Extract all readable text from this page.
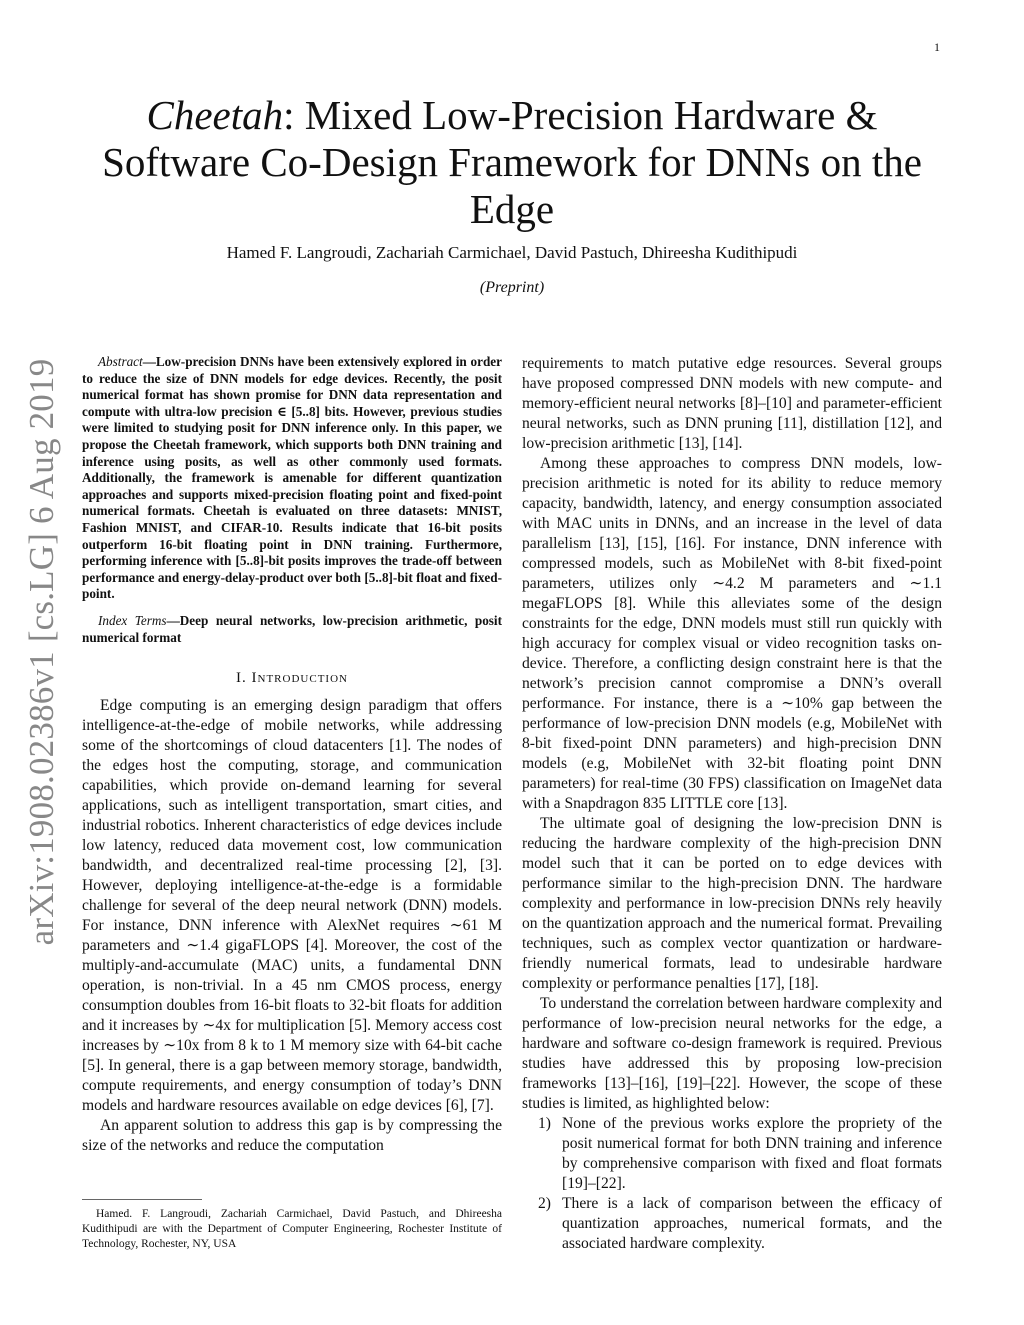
1
arXiv:1908.02386v1 [cs.LG] 6 Aug 2019
Cheetah: Mixed Low-Precision Hardware & Software Co-Design Framework for DNNs on the Edge
Hamed F. Langroudi, Zachariah Carmichael, David Pastuch, Dhireesha Kudithipudi
(Preprint)

Abstract—Low-precision DNNs have been extensively explored in order to reduce the size of DNN models for edge devices. Recently, the posit numerical format has shown promise for DNN data representation and compute with ultra-low precision ∈ [5..8] bits. However, previous studies were limited to studying posit for DNN inference only. In this paper, we propose the Cheetah framework, which supports both DNN training and inference using posits, as well as other commonly used formats. Additionally, the framework is amenable for different quantization approaches and supports mixed-precision floating point and fixed-point numerical formats. Cheetah is evaluated on three datasets: MNIST, Fashion MNIST, and CIFAR-10. Results indicate that 16-bit posits outperform 16-bit floating point in DNN training. Furthermore, performing inference with [5..8]-bit posits improves the trade-off between performance and energy-delay-product over both [5..8]-bit float and fixed-point.

Index Terms—Deep neural networks, low-precision arithmetic, posit numerical format

I. Introduction

Edge computing is an emerging design paradigm that offers intelligence-at-the-edge of mobile networks, while addressing some of the shortcomings of cloud datacenters [1]. The nodes of the edges host the computing, storage, and communication capabilities, which provide on-demand learning for several applications, such as intelligent transportation, smart cities, and industrial robotics. Inherent characteristics of edge devices include low latency, reduced data movement cost, low communication bandwidth, and decentralized real-time processing [2], [3]. However, deploying intelligence-at-the-edge is a formidable challenge for several of the deep neural network (DNN) models. For instance, DNN inference with AlexNet requires ∼61 M parameters and ∼1.4 gigaFLOPS [4]. Moreover, the cost of the multiply-and-accumulate (MAC) units, a fundamental DNN operation, is non-trivial. In a 45 nm CMOS process, energy consumption doubles from 16-bit floats to 32-bit floats for addition and it increases by ∼4x for multiplication [5]. Memory access cost increases by ∼10x from 8 k to 1 M memory size with 64-bit cache [5]. In general, there is a gap between memory storage, bandwidth, compute requirements, and energy consumption of today’s DNN models and hardware resources available on edge devices [6], [7].

An apparent solution to address this gap is by compressing the size of the networks and reduce the computation

Hamed. F. Langroudi, Zachariah Carmichael, David Pastuch, and Dhireesha Kudithipudi are with the Department of Computer Engineering, Rochester Institute of Technology, Rochester, NY, USA

requirements to match putative edge resources. Several groups have proposed compressed DNN models with new compute- and memory-efficient neural networks [8]–[10] and parameter-efficient neural networks, such as DNN pruning [11], distillation [12], and low-precision arithmetic [13], [14].

Among these approaches to compress DNN models, low-precision arithmetic is noted for its ability to reduce memory capacity, bandwidth, latency, and energy consumption associated with MAC units in DNNs, and an increase in the level of data parallelism [13], [15], [16]. For instance, DNN inference with compressed models, such as MobileNet with 8-bit fixed-point parameters, utilizes only ∼4.2 M parameters and ∼1.1 megaFLOPS [8]. While this alleviates some of the design constraints for the edge, DNN models must still run quickly with high accuracy for complex visual or video recognition tasks on-device. Therefore, a conflicting design constraint here is that the network’s precision cannot compromise a DNN’s overall performance. For instance, there is a ∼10% gap between the performance of low-precision DNN models (e.g, MobileNet with 8-bit fixed-point DNN parameters) and high-precision DNN models (e.g, MobileNet with 32-bit floating point DNN parameters) for real-time (30 FPS) classification on ImageNet data with a Snapdragon 835 LITTLE core [13].

The ultimate goal of designing the low-precision DNN is reducing the hardware complexity of the high-precision DNN model such that it can be ported on to edge devices with performance similar to the high-precision DNN. The hardware complexity and performance in low-precision DNNs rely heavily on the quantization approach and the numerical format. Prevailing techniques, such as complex vector quantization or hardware-friendly numerical formats, lead to undesirable hardware complexity or performance penalties [17], [18].

To understand the correlation between hardware complexity and performance of low-precision neural networks for the edge, a hardware and software co-design framework is required. Previous studies have addressed this by proposing low-precision frameworks [13]–[16], [19]–[22]. However, the scope of these studies is limited, as highlighted below:

1) None of the previous works explore the propriety of the posit numerical format for both DNN training and inference by comprehensive comparison with fixed and float formats [19]–[22].
2) There is a lack of comparison between the efficacy of quantization approaches, numerical formats, and the associated hardware complexity.
